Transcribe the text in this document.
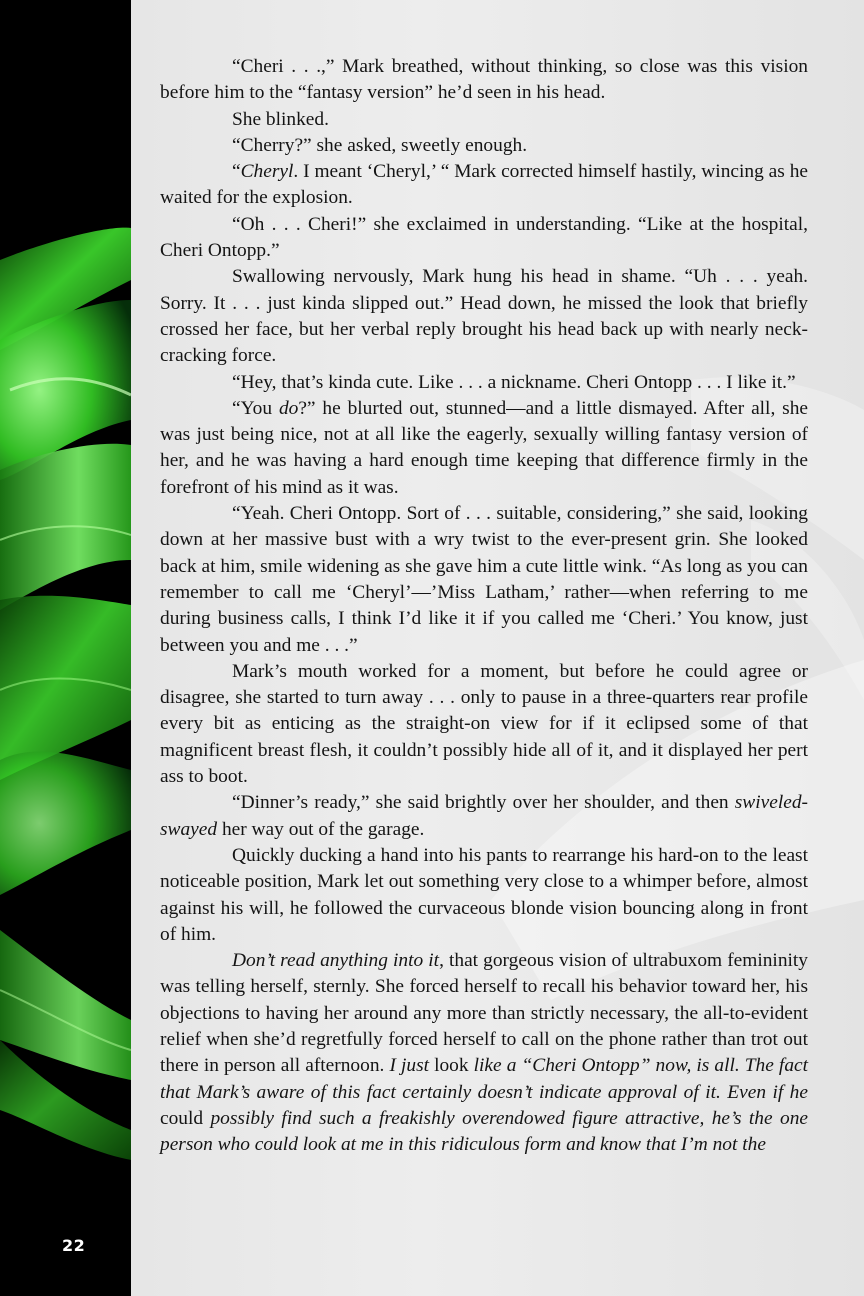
22

“Cheri . . .,” Mark breathed, without thinking, so close was this vision before him to the “fantasy version” he’d seen in his head.

She blinked.

“Cherry?” she asked, sweetly enough.

“Cheryl. I meant ‘Cheryl,’ “ Mark corrected himself hastily, wincing as he waited for the explosion.

“Oh . . . Cheri!” she exclaimed in understanding. “Like at the hospital, Cheri Ontopp.”

Swallowing nervously, Mark hung his head in shame. “Uh . . . yeah. Sorry. It . . . just kinda slipped out.” Head down, he missed the look that briefly crossed her face, but her verbal reply brought his head back up with nearly neck-cracking force.

“Hey, that’s kinda cute. Like . . . a nickname. Cheri Ontopp . . . I like it.”

“You do?” he blurted out, stunned—and a little dismayed. After all, she was just being nice, not at all like the eagerly, sexually willing fantasy version of her, and he was having a hard enough time keeping that difference firmly in the forefront of his mind as it was.

“Yeah. Cheri Ontopp. Sort of . . . suitable, considering,” she said, looking down at her massive bust with a wry twist to the ever-present grin. She looked back at him, smile widening as she gave him a cute little wink. “As long as you can remember to call me ‘Cheryl’—’Miss Latham,’ rather—when referring to me during business calls, I think I’d like it if you called me ‘Cheri.’ You know, just between you and me . . .”

Mark’s mouth worked for a moment, but before he could agree or disagree, she started to turn away . . . only to pause in a three-quarters rear profile every bit as enticing as the straight-on view for if it eclipsed some of that magnificent breast flesh, it couldn’t possibly hide all of it, and it displayed her pert ass to boot.

“Dinner’s ready,” she said brightly over her shoulder, and then swiveled-swayed her way out of the garage.

Quickly ducking a hand into his pants to rearrange his hard-on to the least noticeable position, Mark let out something very close to a whimper before, almost against his will, he followed the curvaceous blonde vision bouncing along in front of him.

Don’t read anything into it, that gorgeous vision of ultrabuxom femininity was telling herself, sternly. She forced herself to recall his behavior toward her, his objections to having her around any more than strictly necessary, the all-to-evident relief when she’d regretfully forced herself to call on the phone rather than trot out there in person all afternoon. I just look like a “Cheri Ontopp” now, is all. The fact that Mark’s aware of this fact certainly doesn’t indicate approval of it. Even if he could possibly find such a freakishly overendowed figure attractive, he’s the one person who could look at me in this ridiculous form and know that I’m not the
